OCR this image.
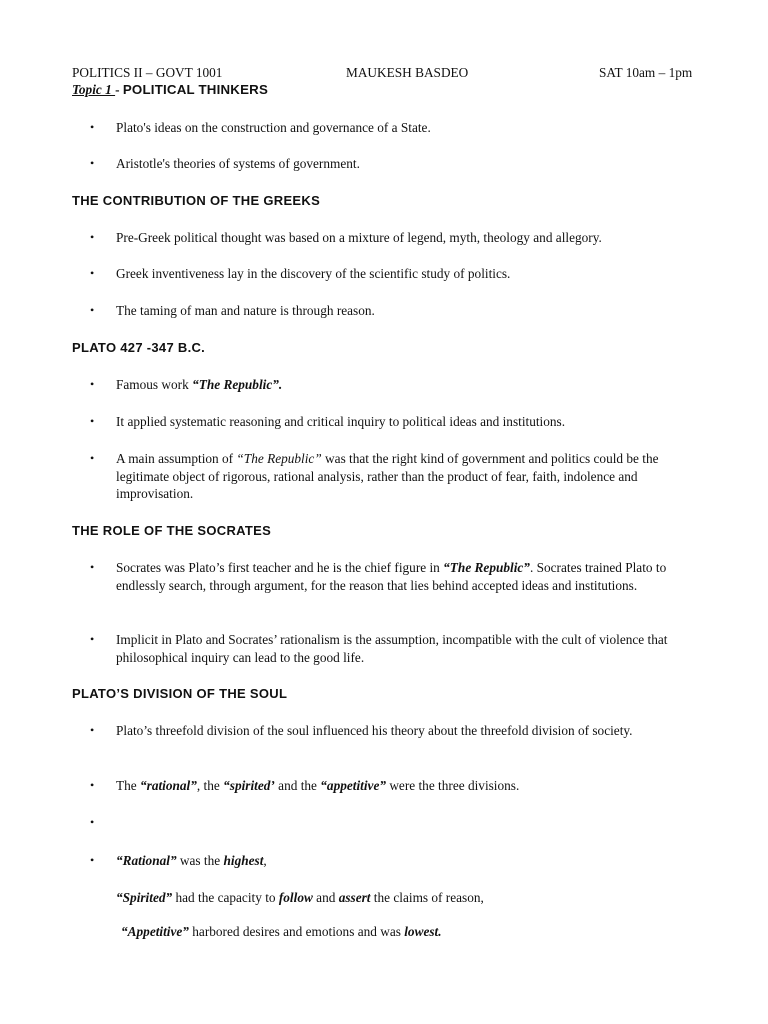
POLITICS II – GOVT 1001	MAUKESH BASDEO	SAT 10am – 1pm
Topic 1 - POLITICAL THINKERS
• Plato's ideas on the construction and governance of a State.
• Aristotle's theories of systems of government.
THE CONTRIBUTION OF THE GREEKS
• Pre-Greek political thought was based on a mixture of legend, myth, theology and allegory.
• Greek inventiveness lay in the discovery of the scientific study of politics.
• The taming of man and nature is through reason.
PLATO 427 -347 B.C.
• Famous work “The Republic”.
• It applied systematic reasoning and critical inquiry to political ideas and institutions.
• A main assumption of “The Republic” was that the right kind of government and politics could be the legitimate object of rigorous, rational analysis, rather than the product of fear, faith, indolence and improvisation.
THE ROLE OF THE SOCRATES
• Socrates was Plato’s first teacher and he is the chief figure in “The Republic”. Socrates trained Plato to endlessly search, through argument, for the reason that lies behind accepted ideas and institutions.
• Implicit in Plato and Socrates’ rationalism is the assumption, incompatible with the cult of violence that philosophical inquiry can lead to the good life.
PLATO’S DIVISION OF THE SOUL
• Plato’s threefold division of the soul influenced his theory about the threefold division of society.
• The “rational”, the “spirited’ and the “appetitive” were the three divisions.
•
• “Rational” was the highest,
“Spirited” had the capacity to follow and assert the claims of reason,
“Appetitive” harbored desires and emotions and was lowest.
